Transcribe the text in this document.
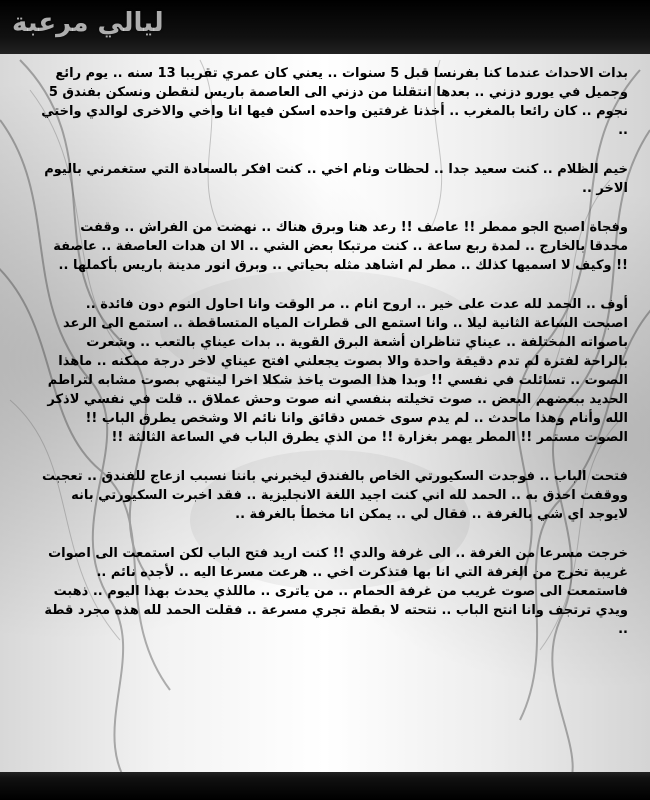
ليالي مرعبة

بدات الاحداث عندما كنا بفرنسا قبل 5 سنوات .. يعني كان عمري تقريبا 13 سنه .. يوم رائع وجميل في يورو دزني .. بعدها انتقلنا من دزني الى العاصمة باريس لنقطن ونسكن بفندق 5 نجوم .. كان رائعا بالمغرب .. أخذنا غرفتين واحده اسكن فيها انا واخي والاخرى لوالدي واختي ..

خيم الظلام .. كنت سعيد جدا .. لحظات ونام اخي .. كنت افكر بالسعادة التي ستغمرني باليوم الاخر ..

وفجاة اصبح الجو ممطر !! عاصف !! رعد هنا وبرق هناك .. نهضت من الفراش .. وقفت محدقا بالخارج .. لمدة ربع ساعة .. كنت مرتبكا بعض الشي .. الا ان هدات العاصفة .. عاصفة !! وكيف لا اسميها كذلك .. مطر لم اشاهد مثله بحياتي .. وبرق انور مدينة باريس بأكملها ..

أوف .. الحمد لله عدت على خير .. اروح انام .. مر الوقت وانا احاول النوم دون فائدة .. اصبحت الساعة الثانية ليلا .. وانا استمع الى قطرات المياه المتساقطة .. استمع الى الرعد باصواته المختلفة .. عيناي تناظران أشعة البرق القوية .. بدات عيناي بالتعب .. وشعرت بالراحة لفترة لم تدم دقيقة واحدة والا بصوت يجعلني افتح عيناي لاخر درجة ممكنه .. ماهذا الصوت .. تسائلت في نفسي !! وبدا هذا الصوت ياخذ شكلا اخرا لينتهي بصوت مشابه لتراطم الحديد ببعضهم البعض .. صوت تخيلته بنفسي انه صوت وحش عملاق .. قلت في نفسي لاذكر الله وأنام وهذا ماحدث .. لم يدم سوى خمس دقائق وانا نائم الا وشخص يطرق الباب !! الصوت مستمر !! المطر يهمر بغزارة !! من الذي يطرق الباب في الساعة الثالثة !!

فتحت الباب .. فوجدت السكيورتي الخاص بالفندق ليخبرني باننا نسبب ازعاج للفندق .. تعجبت ووقفت احدق به .. الحمد لله اني كنت اجيد اللغة الانجليزية .. فقد اخبرت السكيورتي بانه لايوجد اي شي بالغرفة .. فقال لي .. يمكن انا مخطأ بالغرفة ..

خرجت مسرعا من الغرفة .. الى غرفة والدي !! كنت اريد فتح الباب لكن استمعت الى اصوات غريبة تخرج من الغرفة التي انا بها فتذكرت اخي .. هرعت مسرعا اليه .. لأجده نائم .. فاستمعت الى صوت غريب من غرفة الحمام .. من ياترى .. ماللذي يحدث بهذا اليوم .. ذهبت ويدي ترتجف وانا انتح الباب .. نتحته لا بقطة تجري مسرعة .. فقلت الحمد لله هذه مجرد قطة ..
